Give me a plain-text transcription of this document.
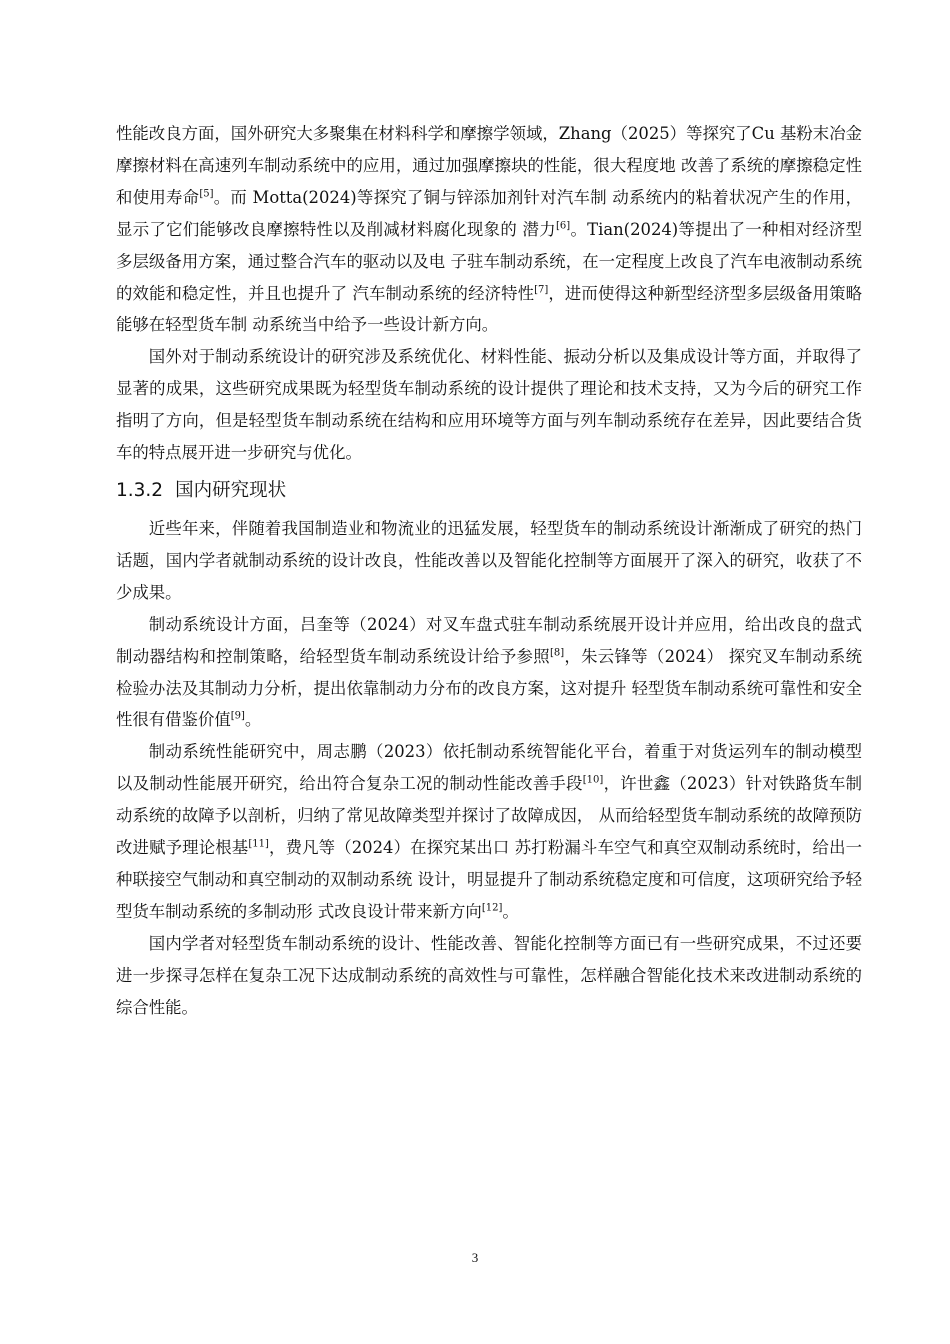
性能改良方面，国外研究大多聚集在材料科学和摩擦学领域，Zhang（2025）等探究了Cu 基粉末冶金摩擦材料在高速列车制动系统中的应用，通过加强摩擦块的性能，很大程度地 改善了系统的摩擦稳定性和使用寿命[5]。而 Motta(2024)等探究了铜与锌添加剂针对汽车制 动系统内的粘着状况产生的作用，显示了它们能够改良摩擦特性以及削减材料腐化现象的 潜力[6]。Tian(2024)等提出了一种相对经济型多层级备用方案，通过整合汽车的驱动以及电 子驻车制动系统，在一定程度上改良了汽车电液制动系统的效能和稳定性，并且也提升了 汽车制动系统的经济特性[7]，进而使得这种新型经济型多层级备用策略能够在轻型货车制 动系统当中给予一些设计新方向。

国外对于制动系统设计的研究涉及系统优化、材料性能、振动分析以及集成设计等方面，并取得了显著的成果，这些研究成果既为轻型货车制动系统的设计提供了理论和技术支持，又为今后的研究工作指明了方向，但是轻型货车制动系统在结构和应用环境等方面与列车制动系统存在差异，因此要结合货车的特点展开进一步研究与优化。

1.3.2 国内研究现状

近些年来，伴随着我国制造业和物流业的迅猛发展，轻型货车的制动系统设计渐渐成了研究的热门话题，国内学者就制动系统的设计改良，性能改善以及智能化控制等方面展开了深入的研究，收获了不少成果。

制动系统设计方面，吕奎等（2024）对叉车盘式驻车制动系统展开设计并应用，给出改良的盘式制动器结构和控制策略，给轻型货车制动系统设计给予参照[8]，朱云锋等（2024） 探究叉车制动系统检验办法及其制动力分析，提出依靠制动力分布的改良方案，这对提升 轻型货车制动系统可靠性和安全性很有借鉴价值[9]。

制动系统性能研究中，周志鹏（2023）依托制动系统智能化平台，着重于对货运列车的制动模型以及制动性能展开研究，给出符合复杂工况的制动性能改善手段[10]，许世鑫（2023）针对铁路货车制动系统的故障予以剖析，归纳了常见故障类型并探讨了故障成因， 从而给轻型货车制动系统的故障预防改进赋予理论根基[11]，费凡等（2024）在探究某出口 苏打粉漏斗车空气和真空双制动系统时，给出一种联接空气制动和真空制动的双制动系统 设计，明显提升了制动系统稳定度和可信度，这项研究给予轻型货车制动系统的多制动形 式改良设计带来新方向[12]。

国内学者对轻型货车制动系统的设计、性能改善、智能化控制等方面已有一些研究成果，不过还要进一步探寻怎样在复杂工况下达成制动系统的高效性与可靠性，怎样融合智能化技术来改进制动系统的综合性能。

3
